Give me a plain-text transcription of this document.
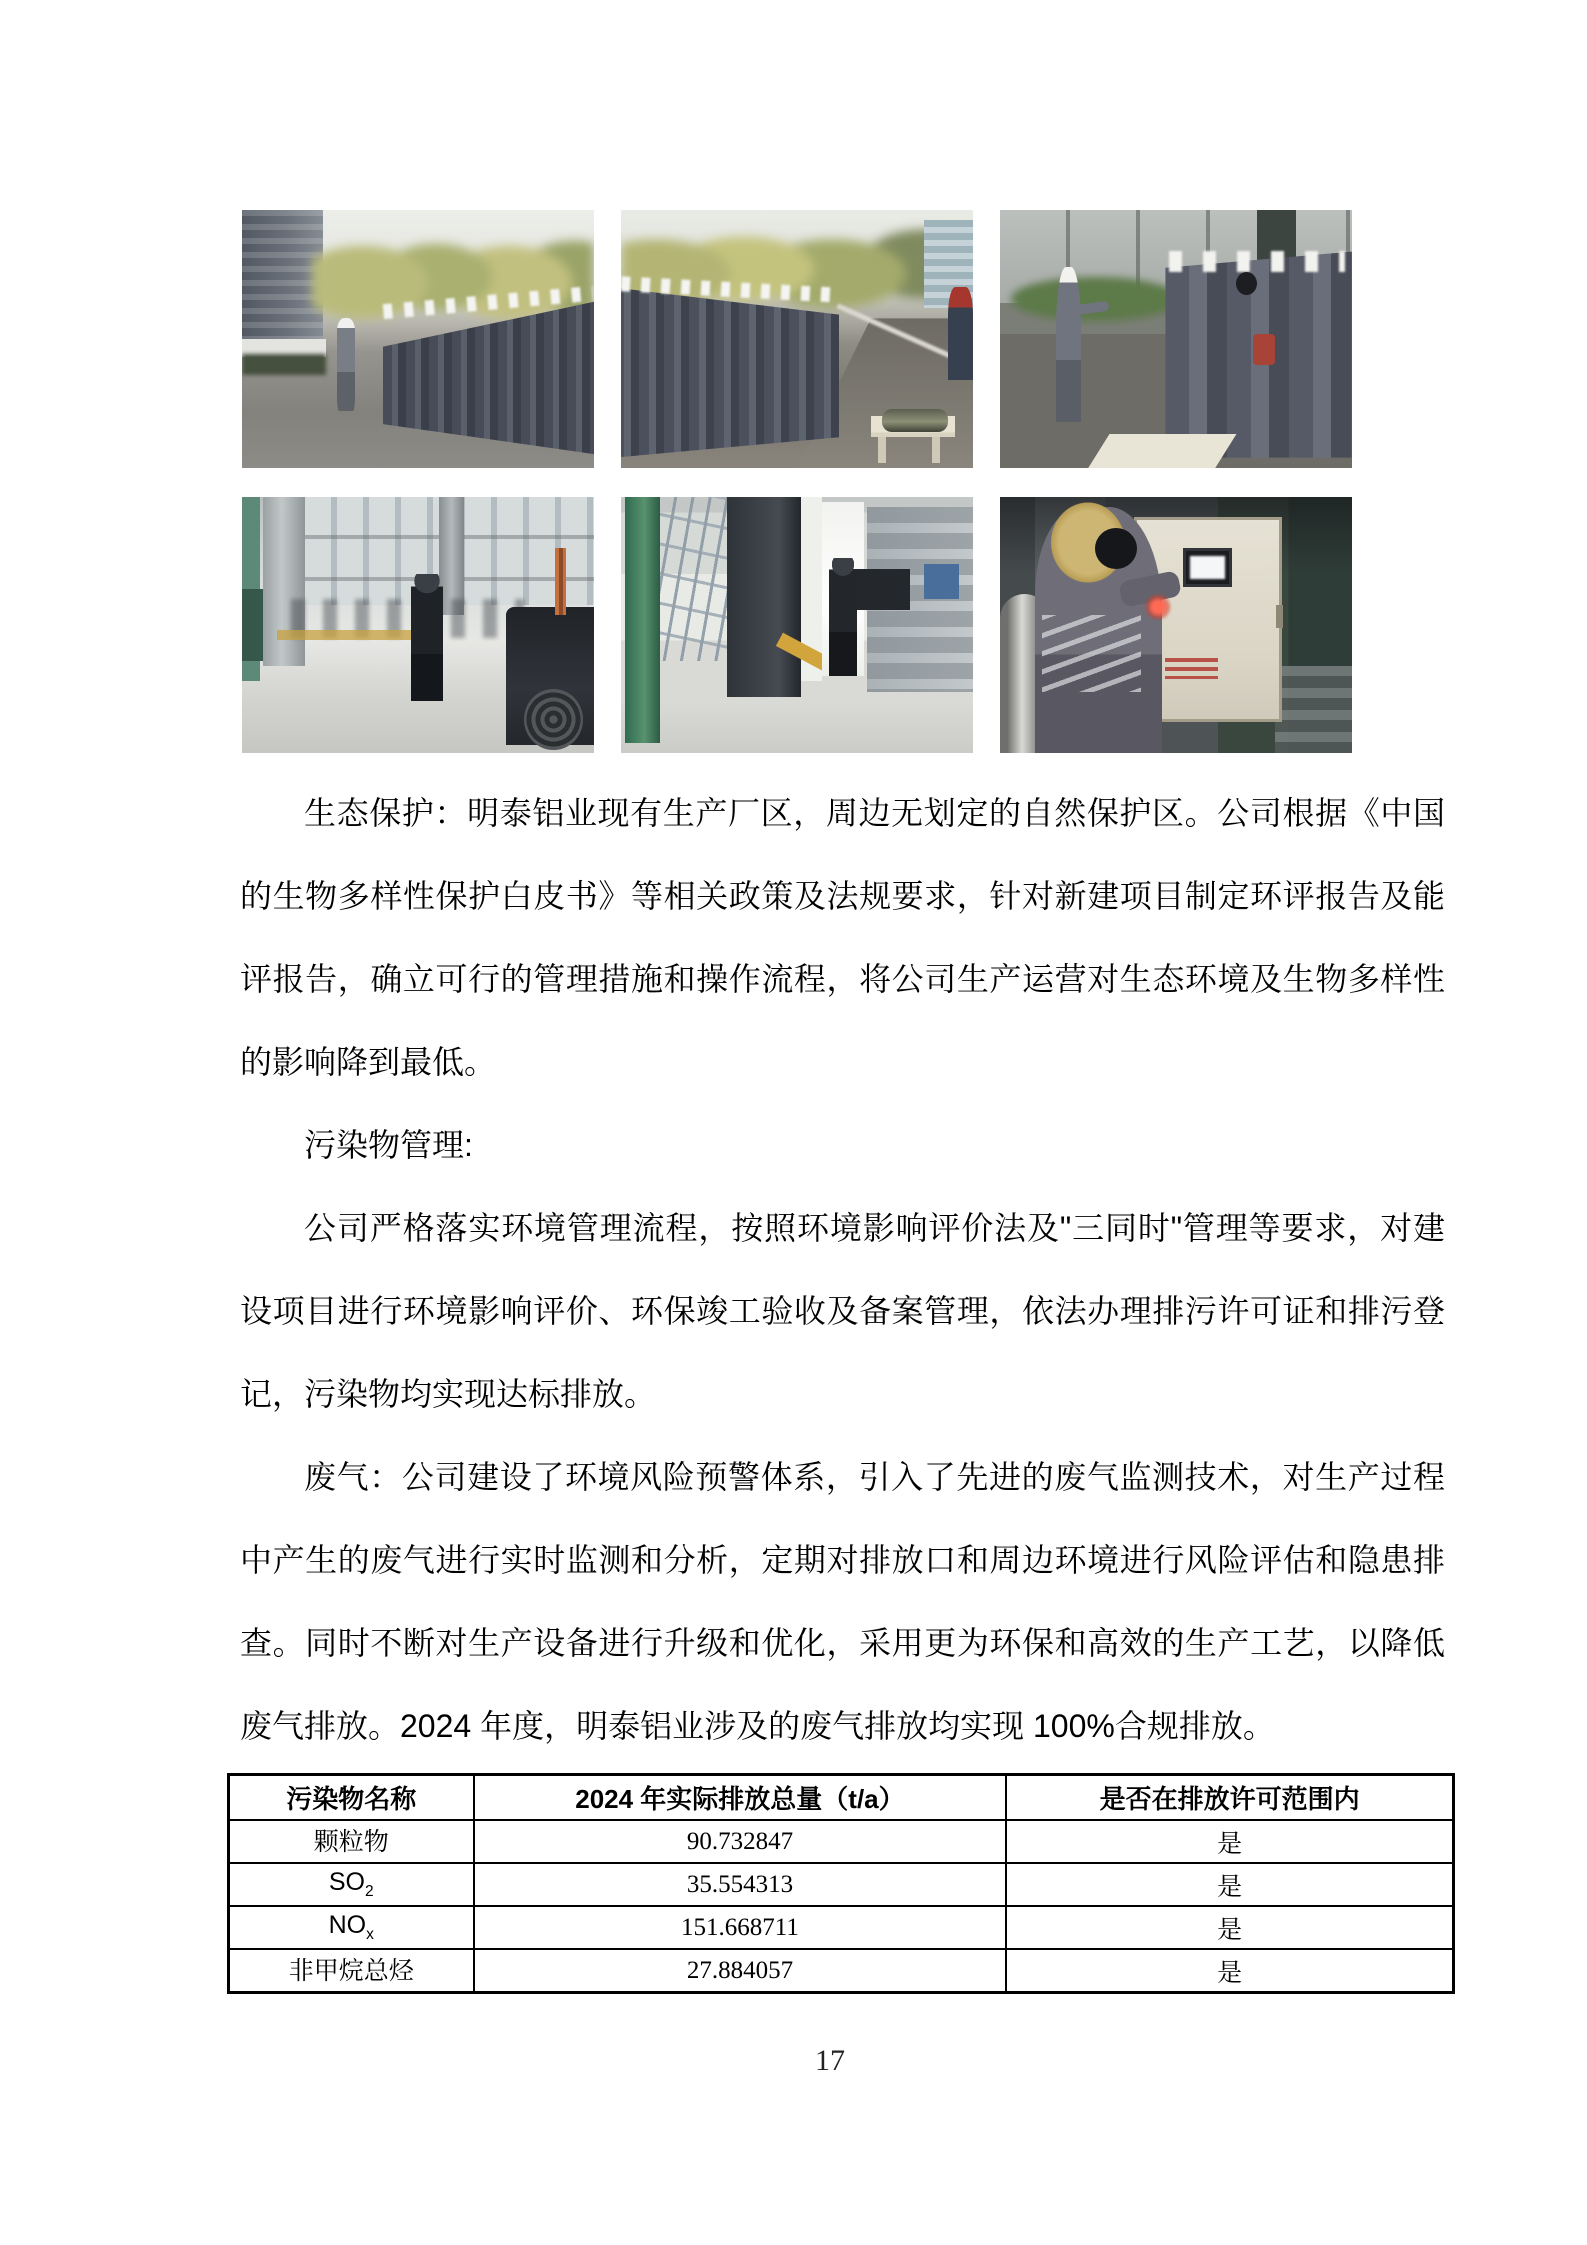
生态保护：明泰铝业现有生产厂区，周边无划定的自然保护区。公司根据《中国的生物多样性保护白皮书》等相关政策及法规要求，针对新建项目制定环评报告及能评报告，确立可行的管理措施和操作流程，将公司生产运营对生态环境及生物多样性的影响降到最低。

污染物管理:

公司严格落实环境管理流程，按照环境影响评价法及"三同时"管理等要求，对建设项目进行环境影响评价、环保竣工验收及备案管理，依法办理排污许可证和排污登记，污染物均实现达标排放。

废气：公司建设了环境风险预警体系，引入了先进的废气监测技术，对生产过程中产生的废气进行实时监测和分析，定期对排放口和周边环境进行风险评估和隐患排查。同时不断对生产设备进行升级和优化，采用更为环保和高效的生产工艺，以降低废气排放。2024 年度，明泰铝业涉及的废气排放均实现 100%合规排放。

污染物名称	2024 年实际排放总量（t/a）	是否在排放许可范围内
颗粒物	90.732847	是
$SO_2$	35.554313	是
$NO_x$	151.668711	是
非甲烷总烃	27.884057	是
17
